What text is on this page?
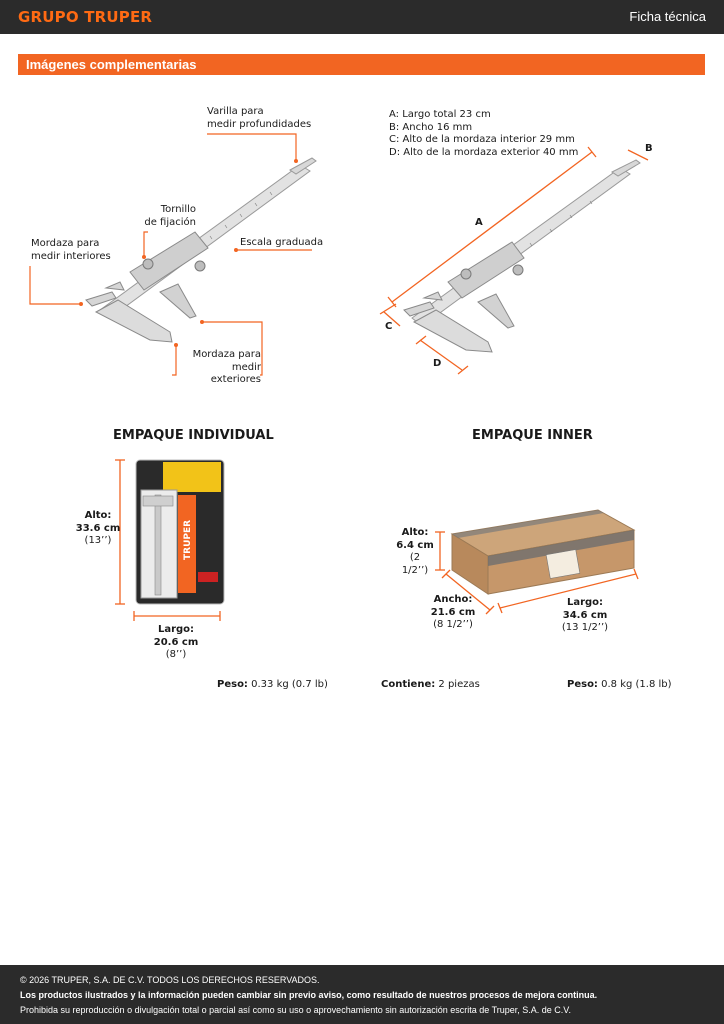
GRUPO TRUPER	Ficha técnica
Imágenes complementarias
Varilla para
medir profundidades
Tornillo
de fijación
Escala graduada
Mordaza para
medir interiores
Mordaza para
medir exteriores
A: Largo total 23 cm
B: Ancho 16 mm
C: Alto de la mordaza interior 29 mm
D: Alto de la mordaza exterior 40 mm
A
B
C
D
EMPAQUE INDIVIDUAL
TRUPER
Alto:
33.6 cm
(13’’)
Largo:
20.6 cm
(8’’)
Peso: 0.33 kg (0.7 lb)
EMPAQUE INNER
Alto:
6.4 cm
(2 1/2’’)
Ancho:
21.6 cm
(8 1/2’’)
Largo:
34.6 cm
(13 1/2’’)
Contiene: 2 piezas	Peso: 0.8 kg (1.8 lb)
© 2026 TRUPER, S.A. DE C.V. TODOS LOS DERECHOS RESERVADOS.
Los productos ilustrados y la información pueden cambiar sin previo aviso, como resultado de nuestros procesos de mejora continua.
Prohibida su reproducción o divulgación total o parcial así como su uso o aprovechamiento sin autorización escrita de Truper, S.A. de C.V.
